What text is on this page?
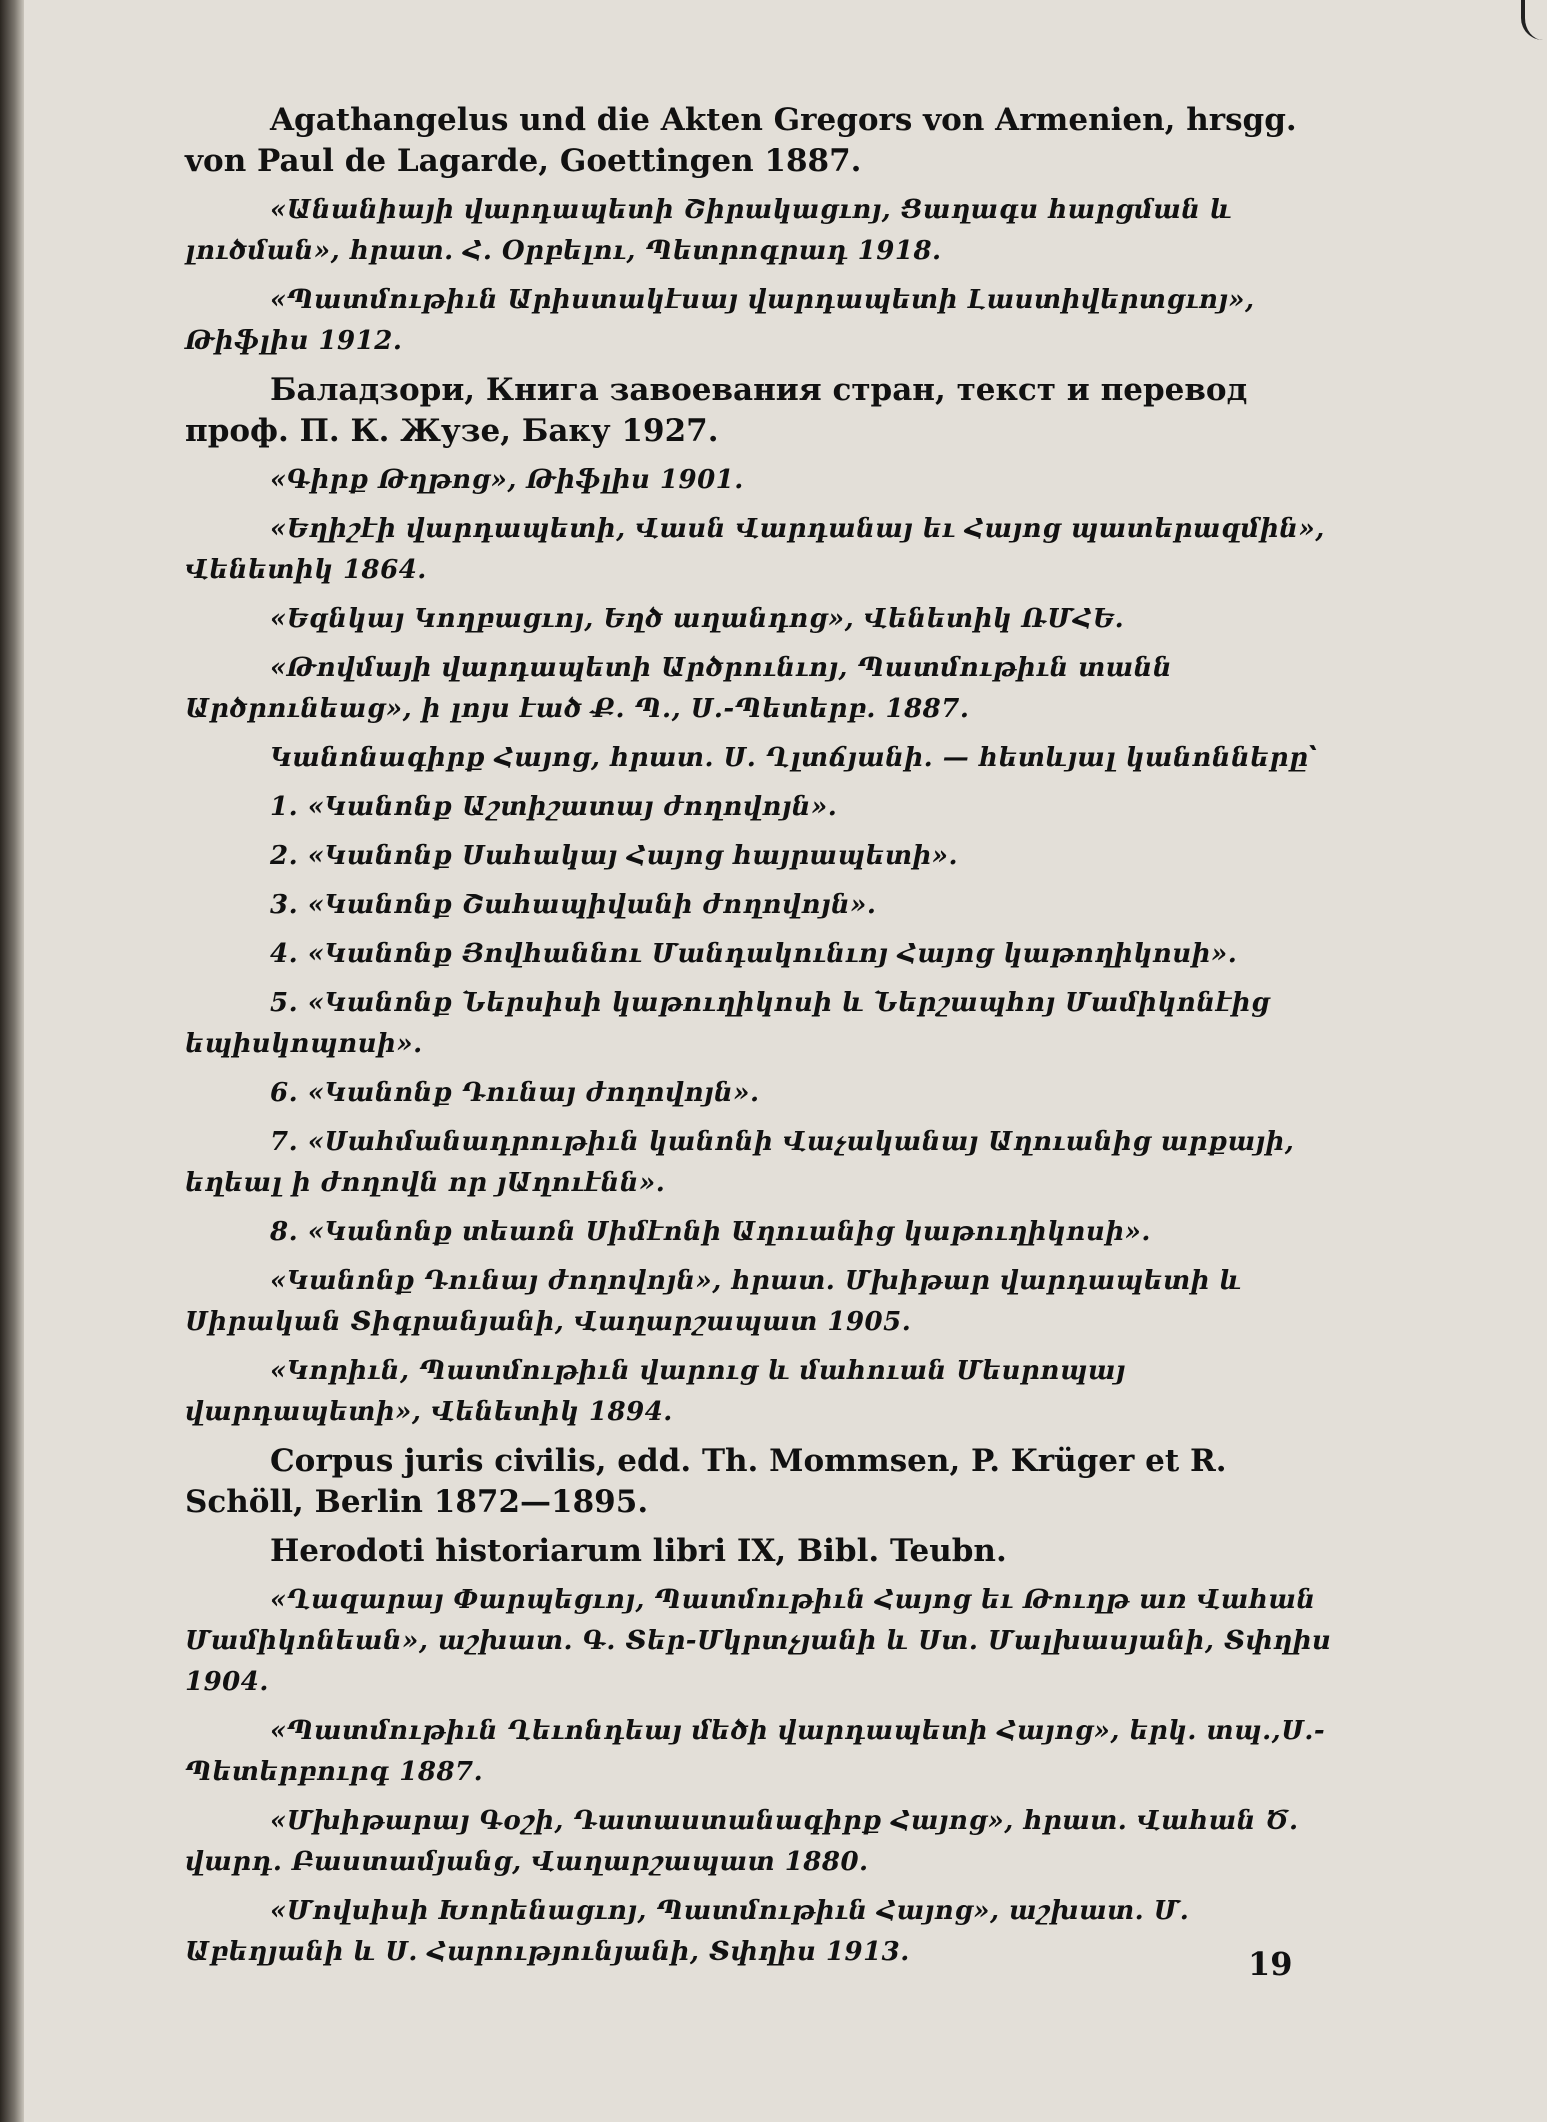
Agathangelus und die Akten Gregors von Armenien, hrsgg. von Paul de Lagarde, Goettingen 1887.

«Անանիայի վարդապետի Շիրակացւոյ, Ցաղագս հարցման և լուծման», հրատ. Հ. Օրբելու, Պետրոգրադ 1918.

«Պատմութիւն Արիստակէսայ վարդապետի Լաստիվերտցւոյ», Թիֆլիս 1912.

Баладзори, Книга завоевания стран, текст и перевод проф. П. К. Жузе, Баку 1927.

«Գիրք Թղթոց», Թիֆլիս 1901.

«Եղիշէի վարդապետի, Վասն Վարդանայ եւ Հայոց պատերազմին», Վենետիկ 1864.

«Եզնկայ Կողբացւոյ, Եղծ աղանդոց», Վենետիկ ՌՄՀԵ.

«Թովմայի վարդապետի Արծրունւոյ, Պատմութիւն տանն Արծրունեաց», ի լոյս էած Ք. Պ., Ս.-Պետերբ. 1887.

Կանոնագիրք Հայոց, հրատ. Ս. Ղլտճյանի. — հետևյալ կանոնները՝

1. «Կանոնք Աշտիշատայ ժողովոյն».

2. «Կանոնք Սահակայ Հայոց հայրապետի».

3. «Կանոնք Շահապիվանի ժողովոյն».

4. «Կանոնք Յովհաննու Մանդակունւոյ Հայոց կաթողիկոսի».

5. «Կանոնք Ներսիսի կաթուղիկոսի և Ներշապհոյ Մամիկոնէից եպիսկոպոսի».

6. «Կանոնք Դունայ ժողովոյն».

7. «Սահմանադրութիւն կանոնի Վաչականայ Աղուանից արքայի, եղեալ ի ժողովն որ յԱղուէնն».

8. «Կանոնք տեառն Սիմէոնի Աղուանից կաթուղիկոսի».

«Կանոնք Դունայ ժողովոյն», հրատ. Մխիթար վարդապետի և Սիրական Տիգրանյանի, Վաղարշապատ 1905.

«Կորիւն, Պատմութիւն վարուց և մահուան Մեսրոպայ վարդապետի», Վենետիկ 1894.

Corpus juris civilis, edd. Th. Mommsen, P. Krüger et R. Schöll, Berlin 1872—1895.

Herodoti historiarum libri IX, Bibl. Teubn.

«Ղազարայ Փարպեցւոյ, Պատմութիւն Հայոց եւ Թուղթ առ Վահան Մամիկոնեան», աշխատ. Գ. Տեր-Մկրտչյանի և Ստ. Մալխասյանի, Տփղիս 1904.

«Պատմութիւն Ղեւոնդեայ մեծի վարդապետի Հայոց», երկ. տպ.,Ս.-Պետերբուրգ 1887.

«Մխիթարայ Գօշի, Դատաստանագիրք Հայոց», հրատ. Վահան Ծ. վարդ. Բաստամյանց, Վաղարշապատ 1880.

«Մովսիսի Խորենացւոյ, Պատմութիւն Հայոց», աշխատ. Մ. Աբեղյանի և Ս. Հարությունյանի, Տփղիս 1913.	19
